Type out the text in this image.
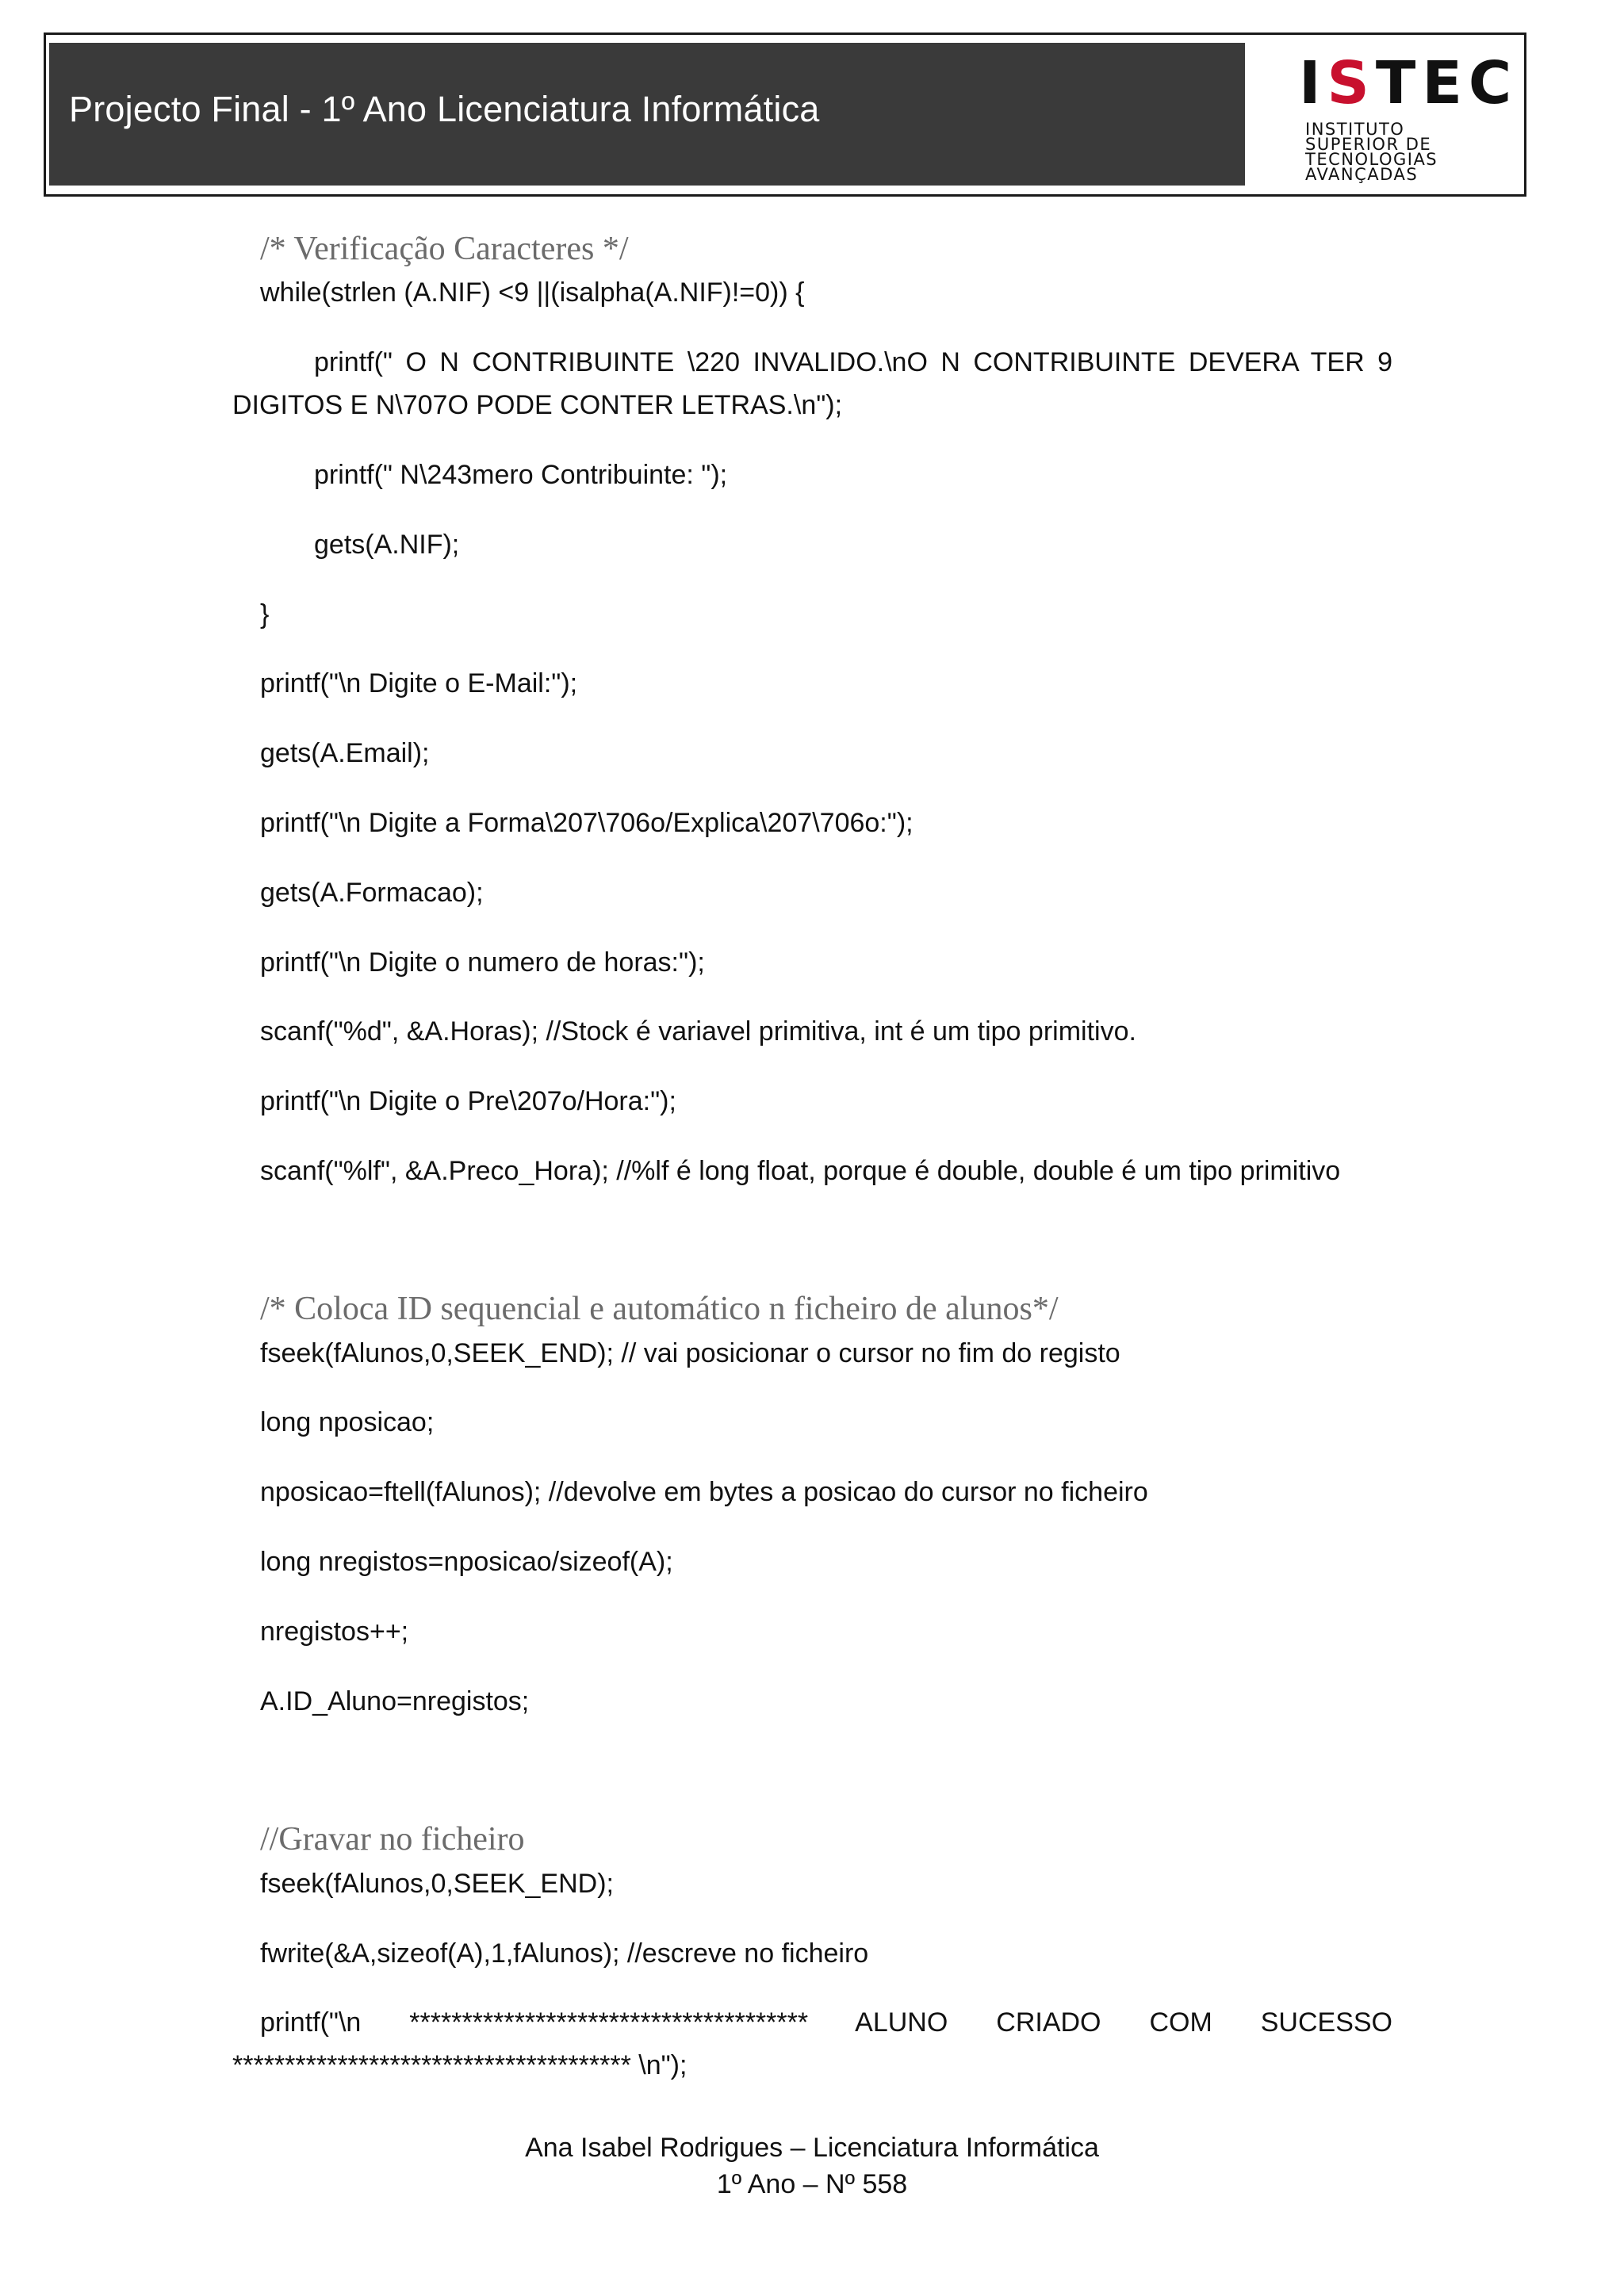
Projecto Final - 1º Ano Licenciatura Informática	ISTEC
INSTITUTO
SUPERIOR DE
TECNOLOGIAS
AVANÇADAS
/* Verificação Caracteres */
while(strlen (A.NIF) <9 ||(isalpha(A.NIF)!=0)) {
printf(" O N CONTRIBUINTE \220 INVALIDO.\nO N CONTRIBUINTE DEVERA TER 9
DIGITOS E N\707O PODE CONTER LETRAS.\n");
printf(" N\243mero Contribuinte: ");
gets(A.NIF);
}
printf("\n Digite o E-Mail:");
gets(A.Email);
printf("\n Digite a Forma\207\706o/Explica\207\706o:");
gets(A.Formacao);
printf("\n Digite o numero de horas:");
scanf("%d", &A.Horas); //Stock é variavel primitiva, int é um tipo primitivo.
printf("\n Digite o Pre\207o/Hora:");
scanf("%lf", &A.Preco_Hora); //%lf é long float, porque é double, double é um tipo primitivo
/* Coloca ID sequencial e automático n ficheiro de alunos*/
fseek(fAlunos,0,SEEK_END); // vai posicionar o cursor no fim do registo
long nposicao;
nposicao=ftell(fAlunos); //devolve em bytes a posicao do cursor no ficheiro
long nregistos=nposicao/sizeof(A);
nregistos++;
A.ID_Aluno=nregistos;
//Gravar no ficheiro
fseek(fAlunos,0,SEEK_END);
fwrite(&A,sizeof(A),1,fAlunos); //escreve no ficheiro
printf("\n ************************************** ALUNO CRIADO COM SUCESSO
************************************** \n");
Ana Isabel Rodrigues – Licenciatura Informática
1º Ano – Nº 558
